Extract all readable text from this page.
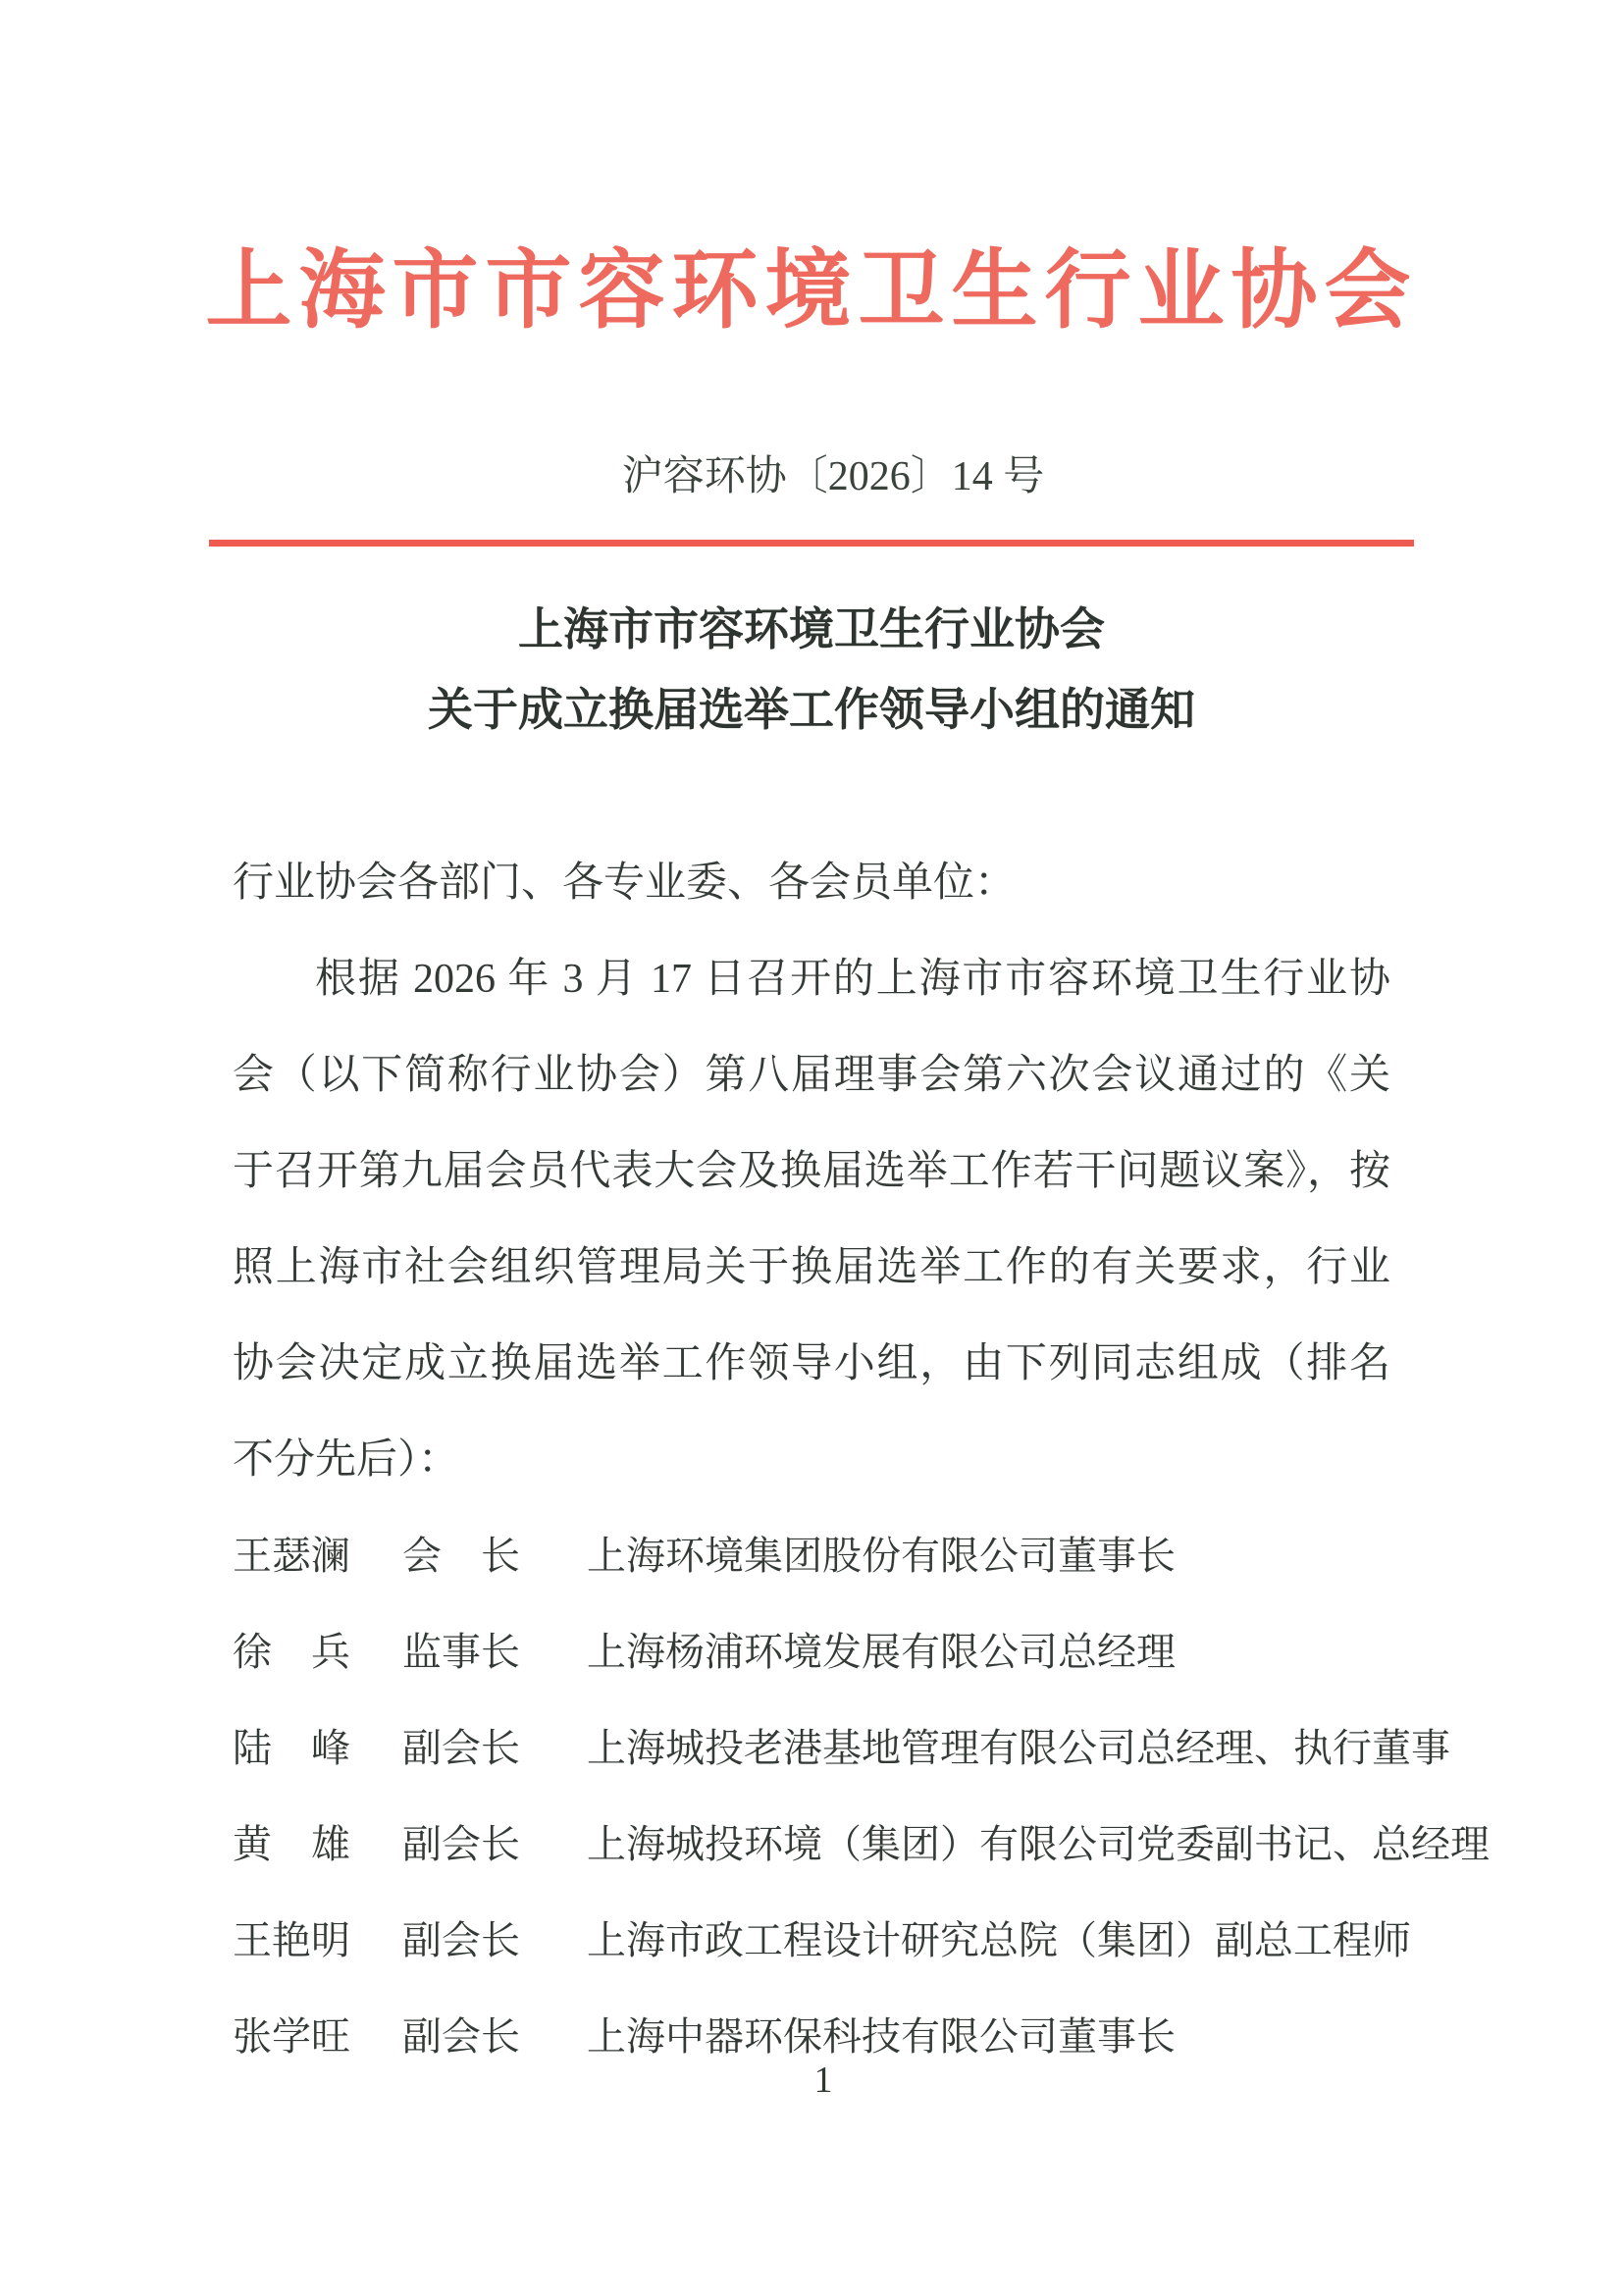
上海市市容环境卫生行业协会
沪容环协〔2026〕14 号
上海市市容环境卫生行业协会
关于成立换届选举工作领导小组的通知
行业协会各部门、各专业委、各会员单位：
根据 2026 年 3 月 17 日召开的上海市市容环境卫生行业协
会（以下简称行业协会）第八届理事会第六次会议通过的《关
于召开第九届会员代表大会及换届选举工作若干问题议案》，按
照上海市社会组织管理局关于换届选举工作的有关要求，行业
协会决定成立换届选举工作领导小组，由下列同志组成（排名
不分先后）：
王瑟澜	会　长	上海环境集团股份有限公司董事长
徐　兵	监事长	上海杨浦环境发展有限公司总经理
陆　峰	副会长	上海城投老港基地管理有限公司总经理、执行董事
黄　雄	副会长	上海城投环境（集团）有限公司党委副书记、总经理
王艳明	副会长	上海市政工程设计研究总院（集团）副总工程师
张学旺	副会长	上海中器环保科技有限公司董事长
1
